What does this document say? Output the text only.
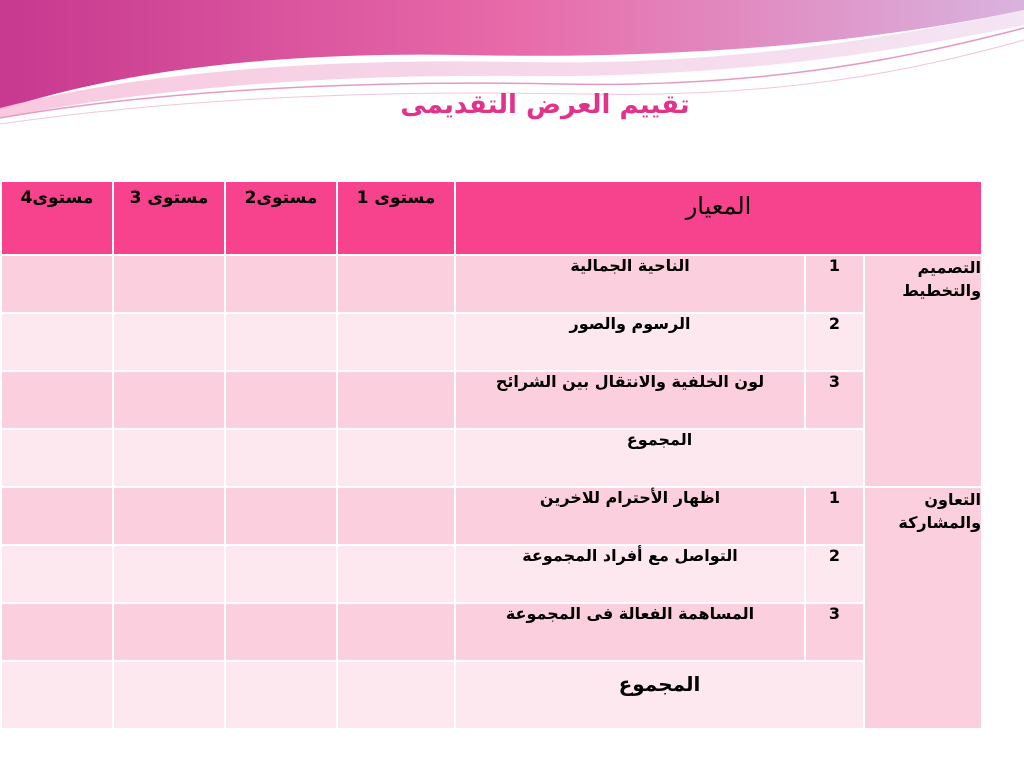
تقييم العرض التقديمى
مستوى4	مستوى 3	مستوى2	مستوى 1	المعيار		
				الناحية الجمالية	1	التصميم والتخطيط
				الرسوم والصور	2	
				لون الخلفية والانتقال بين الشرائح	3	
				المجموع		
				اظهار الأحترام للاخرين	1	التعاون والمشاركة
				التواصل مع أفراد المجموعة	2	
				المساهمة الفعالة فى المجموعة	3	
				المجموع		
